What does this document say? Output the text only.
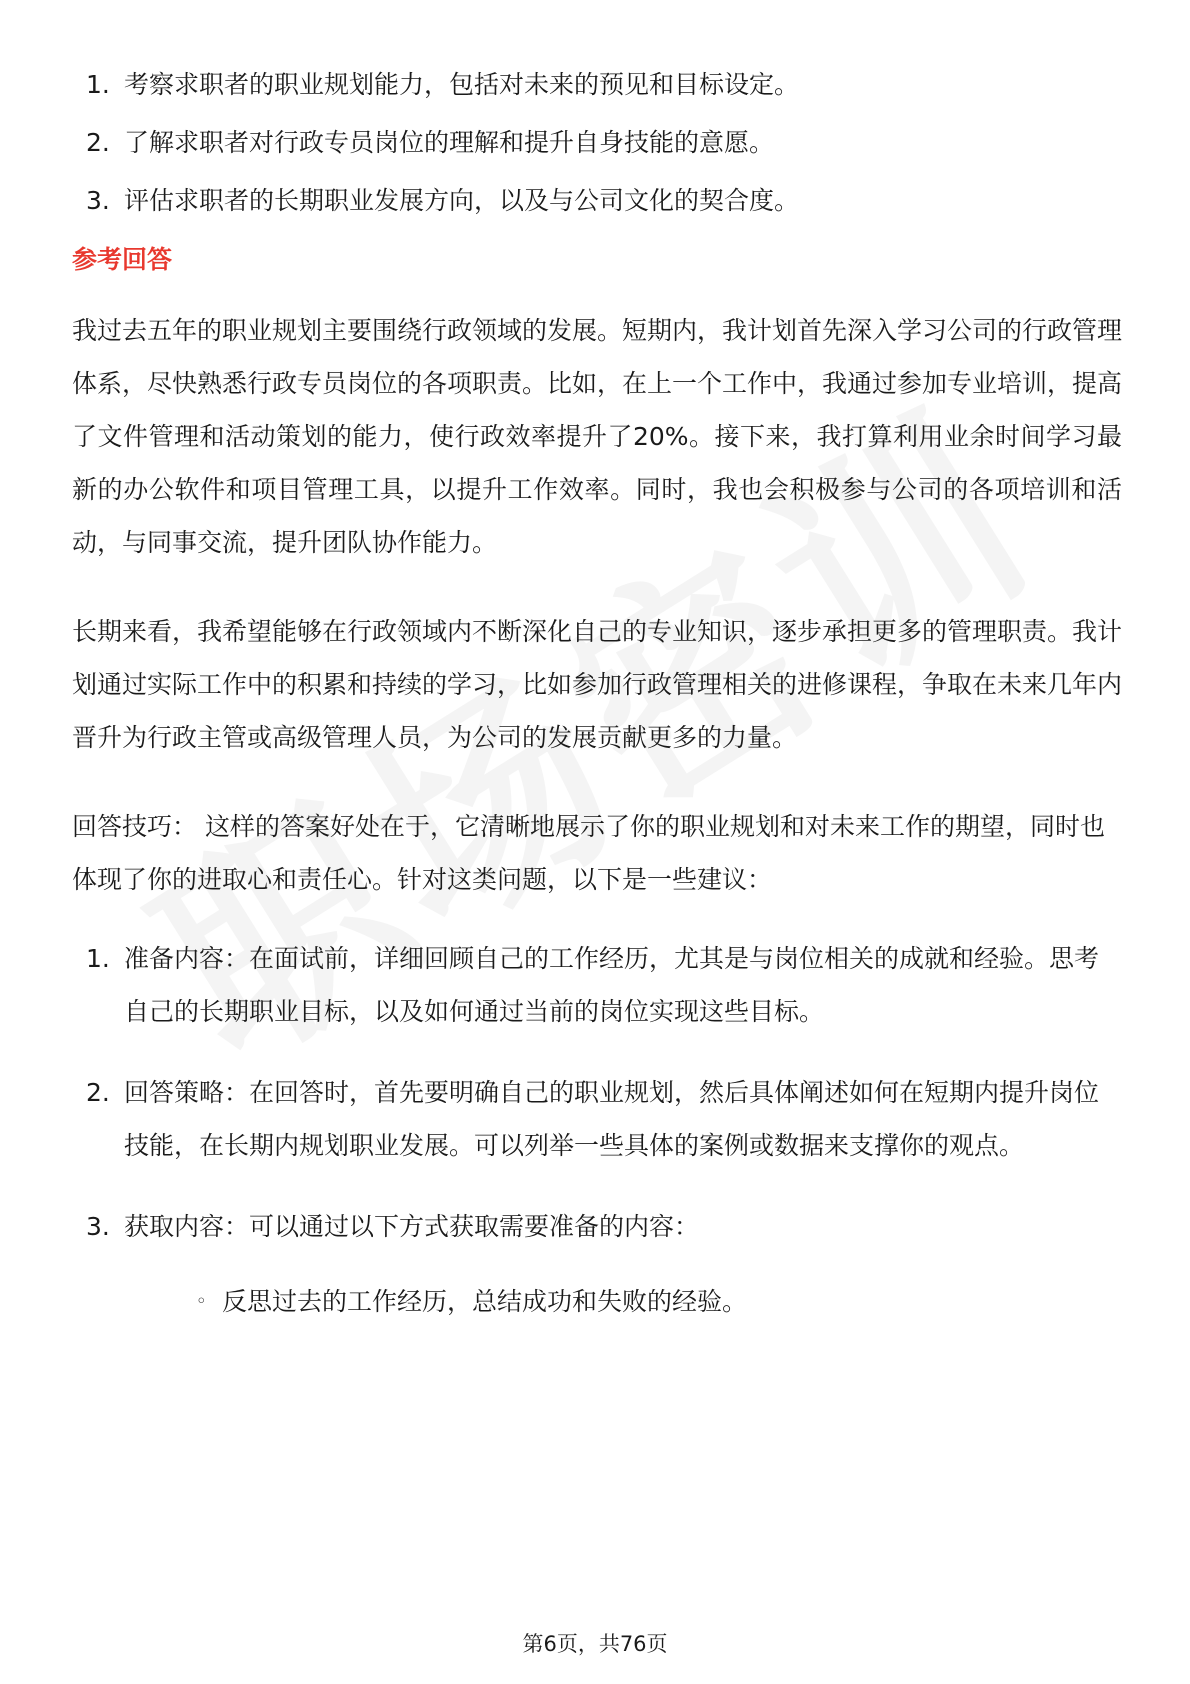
1. 考察求职者的职业规划能力，包括对未来的预见和目标设定。
2. 了解求职者对行政专员岗位的理解和提升自身技能的意愿。
3. 评估求职者的长期职业发展方向，以及与公司文化的契合度。
参考回答

我过去五年的职业规划主要围绕行政领域的发展。短期内，我计划首先深入学习公司的行政管理体系，尽快熟悉行政专员岗位的各项职责。比如，在上一个工作中，我通过参加专业培训，提高了文件管理和活动策划的能力，使行政效率提升了20%。接下来，我打算利用业余时间学习最新的办公软件和项目管理工具，以提升工作效率。同时，我也会积极参与公司的各项培训和活动，与同事交流，提升团队协作能力。

长期来看，我希望能够在行政领域内不断深化自己的专业知识，逐步承担更多的管理职责。我计划通过实际工作中的积累和持续的学习，比如参加行政管理相关的进修课程，争取在未来几年内晋升为行政主管或高级管理人员，为公司的发展贡献更多的力量。

回答技巧： 这样的答案好处在于，它清晰地展示了你的职业规划和对未来工作的期望，同时也体现了你的进取心和责任心。针对这类问题，以下是一些建议：
1. 准备内容：在面试前，详细回顾自己的工作经历，尤其是与岗位相关的成就和经验。思考自己的长期职业目标，以及如何通过当前的岗位实现这些目标。
2. 回答策略：在回答时，首先要明确自己的职业规划，然后具体阐述如何在短期内提升岗位技能，在长期内规划职业发展。可以列举一些具体的案例或数据来支撑你的观点。
3. 获取内容：可以通过以下方式获取需要准备的内容：
◦ 反思过去的工作经历，总结成功和失败的经验。
第6页，共76页
